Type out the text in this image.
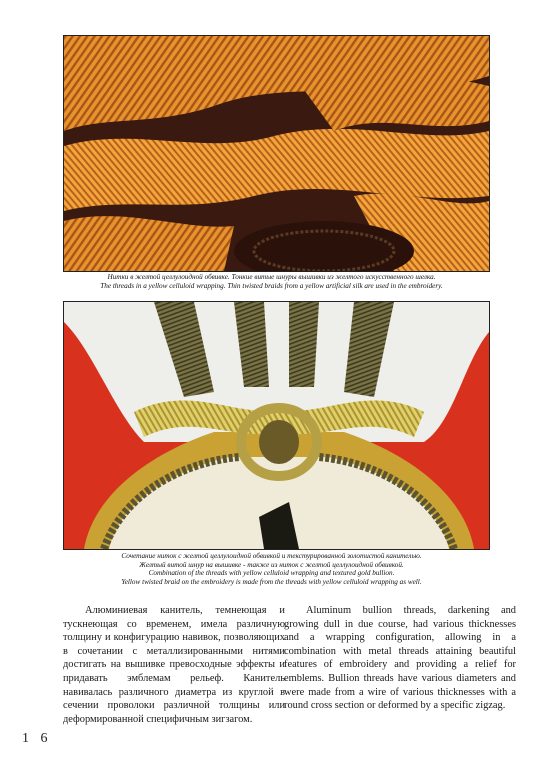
Нитки в желтой целлулоидной обвивке. Тонкие витые шнуры вышивки из желтого искусственного шелка.
The threads in a yellow celluloid wrapping. Thin twisted braids from a yellow artificial silk are used in the embroidery.
Сочетание ниток с желтой целлулоидной обвивкой и текстурированной золотистой канителью.
Желтый витой шнур на вышивке - также из ниток с желтой целлулоидной обвивкой.
Combination of the threads with yellow celluloid wrapping and textured gold bullion.
Yellow twisted braid on the embroidery is made from the threads with yellow celluloid wrapping as well.
Алюминиевая канитель, темнеющая и тускнеющая со временем, имела различную толщину и конфигурацию навивок, позволяющих в сочетании с металлизированными нитями достигать на вышивке превосходные эффекты и придавать эмблемам рельеф. Канитель навивалась различного диаметра из круглой в сечении проволоки различной толщины или деформированной специфичным зигзагом.
Aluminum bullion threads, darkening and growing dull in due course, had various thicknesses and a wrapping configuration, allowing in a combination with metal threads attaining beautiful features of embroidery and providing a relief for emblems. Bullion threads have various diameters and were made from a wire of various thicknesses with a round cross section or deformed by a specific zigzag.
1 6
